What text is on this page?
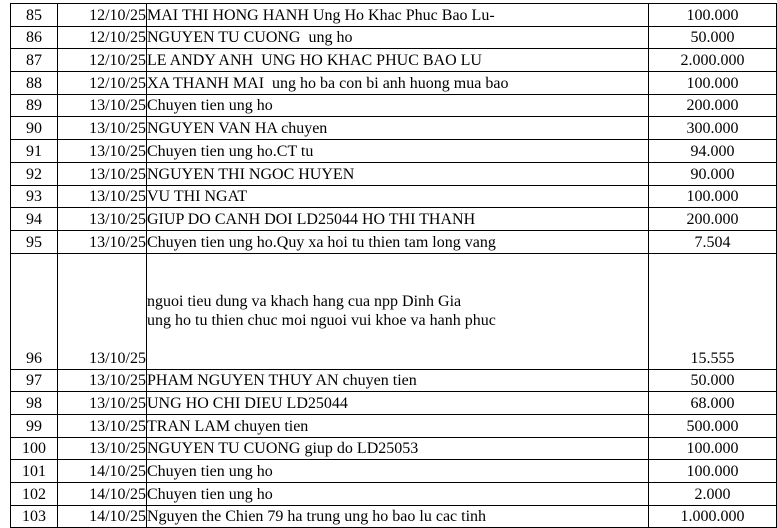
85	12/10/25	MAI THI HONG HANH Ung Ho Khac Phuc Bao Lu-	100.000
86	12/10/25	NGUYEN TU CUONG  ung ho	50.000
87	12/10/25	LE ANDY ANH  UNG HO KHAC PHUC BAO LU	2.000.000
88	12/10/25	XA THANH MAI  ung ho ba con bi anh huong mua bao	100.000
89	13/10/25	Chuyen tien ung ho	200.000
90	13/10/25	NGUYEN VAN HA chuyen	300.000
91	13/10/25	Chuyen tien ung ho.CT tu	94.000
92	13/10/25	NGUYEN THI NGOC HUYEN	90.000
93	13/10/25	VU THI NGAT	100.000
94	13/10/25	GIUP DO CANH DOI LD25044 HO THI THANH	200.000
95	13/10/25	Chuyen tien ung ho.Quy xa hoi tu thien tam long vang	7.504
96	13/10/25	nguoi tieu dung va khach hang cua npp Dinh Gia
ung ho tu thien chuc moi nguoi vui khoe va hanh phuc	15.555
97	13/10/25	PHAM NGUYEN THUY AN chuyen tien	50.000
98	13/10/25	UNG HO CHI DIEU LD25044	68.000
99	13/10/25	TRAN LAM chuyen tien	500.000
100	13/10/25	NGUYEN TU CUONG giup do LD25053	100.000
101	14/10/25	Chuyen tien ung ho	100.000
102	14/10/25	Chuyen tien ung ho	2.000
103	14/10/25	Nguyen the Chien 79 ha trung ung ho bao lu cac tinh	1.000.000
